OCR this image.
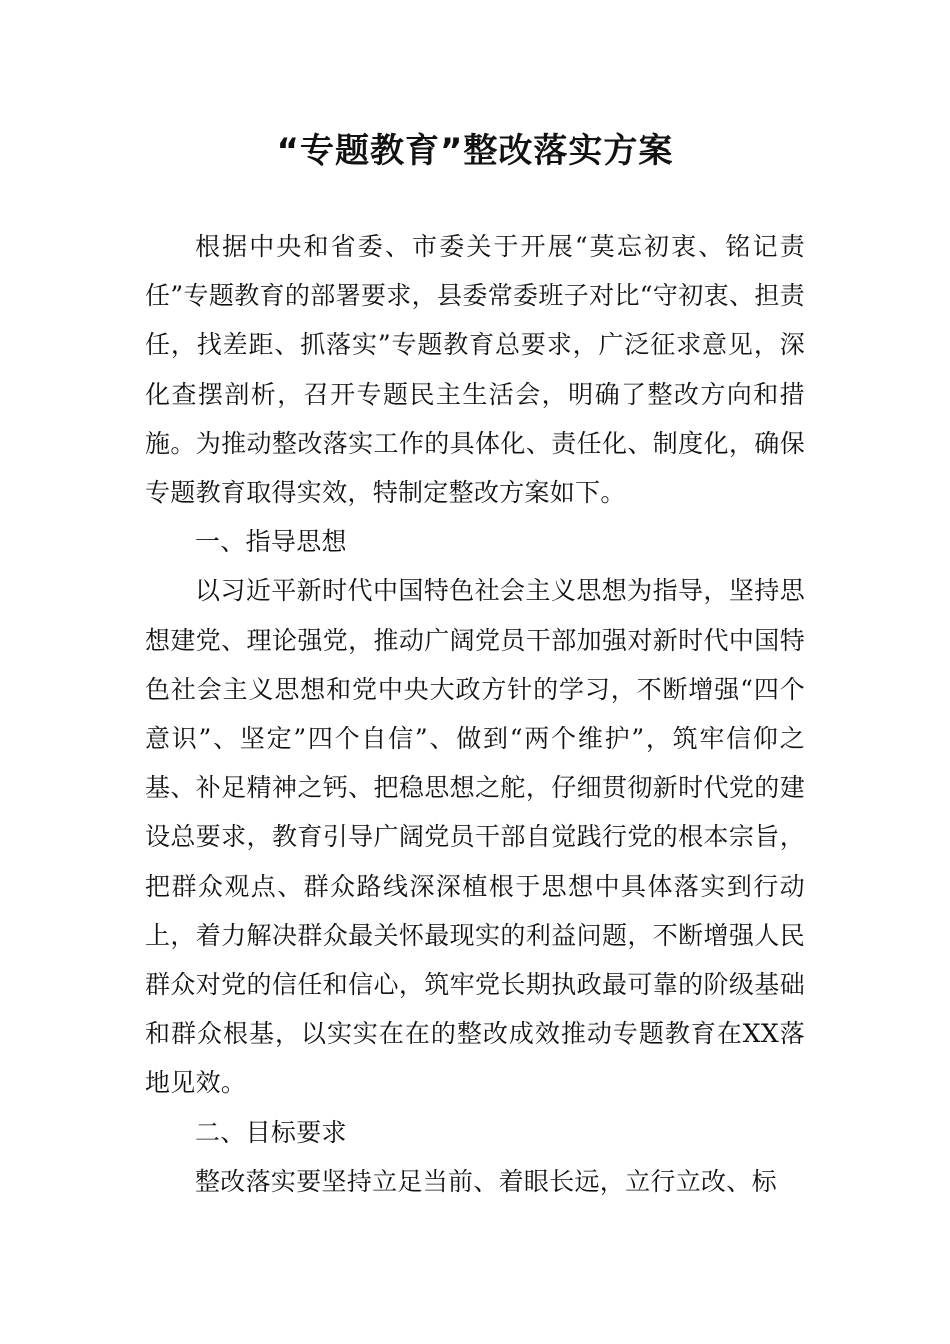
“专题教育”整改落实方案

根据中央和省委、市委关于开展“莫忘初衷、铭记责任”专题教育的部署要求，县委常委班子对比“守初衷、担责任，找差距、抓落实”专题教育总要求，广泛征求意见，深化查摆剖析，召开专题民主生活会，明确了整改方向和措施。为推动整改落实工作的具体化、责任化、制度化，确保专题教育取得实效，特制定整改方案如下。

一、指导思想

以习近平新时代中国特色社会主义思想为指导，坚持思想建党、理论强党，推动广阔党员干部加强对新时代中国特色社会主义思想和党中央大政方针的学习，不断增强“四个意识”、坚定”四个自信”、做到“两个维护”，筑牢信仰之基、补足精神之钙、把稳思想之舵，仔细贯彻新时代党的建设总要求，教育引导广阔党员干部自觉践行党的根本宗旨，把群众观点、群众路线深深植根于思想中具体落实到行动上，着力解决群众最关怀最现实的利益问题，不断增强人民群众对党的信任和信心，筑牢党长期执政最可靠的阶级基础和群众根基，以实实在在的整改成效推动专题教育在XX落地见效。

二、目标要求

整改落实要坚持立足当前、着眼长远，立行立改、标
